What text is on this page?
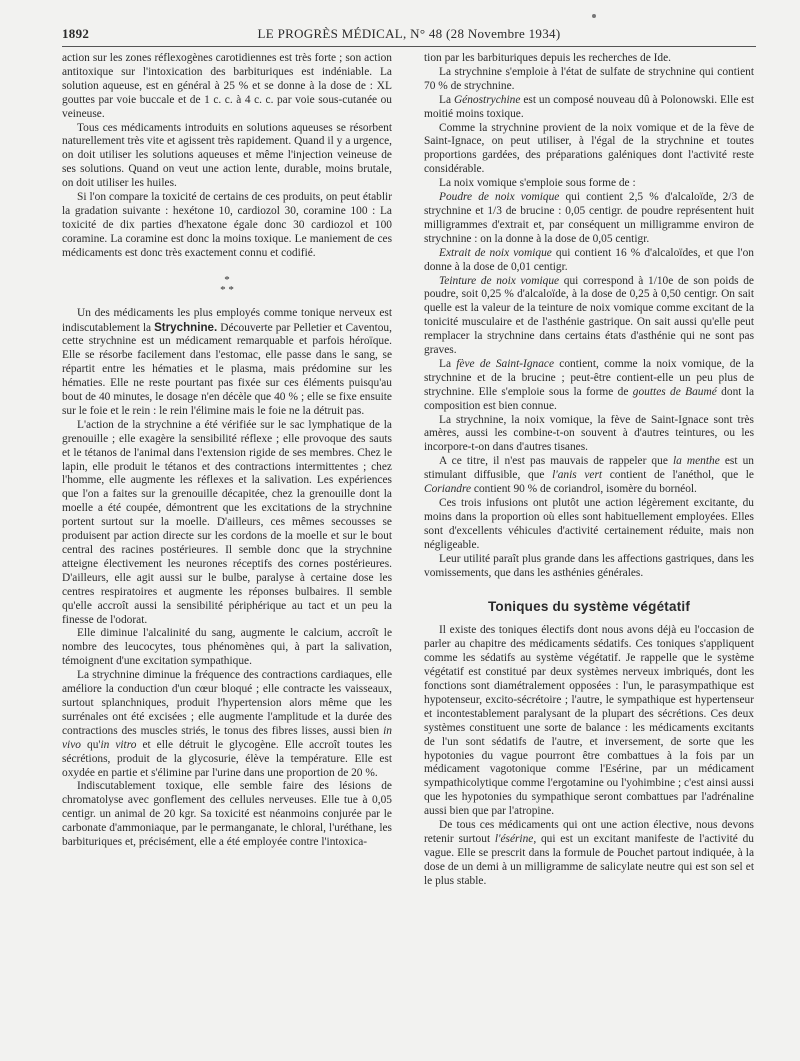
1892	LE PROGRÈS MÉDICAL, N° 48 (28 Novembre 1934)

action sur les zones réflexogènes carotidiennes est très forte ; son action antitoxique sur l'intoxication des barbituriques est indéniable. La solution aqueuse, est en général à 25 % et se donne à la dose de : XL gouttes par voie buccale et de 1 c. c. à 4 c. c. par voie sous-cutanée ou veineuse.

Tous ces médicaments introduits en solutions aqueuses se résorbent naturellement très vite et agissent très rapidement. Quand il y a urgence, on doit utiliser les solutions aqueuses et même l'injection veineuse de ses solutions. Quand on veut une action lente, durable, moins brutale, on doit utiliser les huiles.

Si l'on compare la toxicité de certains de ces produits, on peut établir la gradation suivante : hexétone 10, cardiozol 30, coramine 100 : La toxicité de dix parties d'hexatone égale donc 30 cardiozol et 100 coramine. La coramine est donc la moins toxique. Le maniement de ces médicaments est donc très exactement connu et codifié.

*
* *

Un des médicaments les plus employés comme tonique nerveux est indiscutablement la Strychnine. Découverte par Pelletier et Caventou, cette strychnine est un médicament remarquable et parfois héroïque. Elle se résorbe facilement dans l'estomac, elle passe dans le sang, se répartit entre les hématies et le plasma, mais prédomine sur les hématies. Elle ne reste pourtant pas fixée sur ces éléments puisqu'au bout de 40 minutes, le dosage n'en décèle que 40 % ; elle se fixe ensuite sur le foie et le rein : le rein l'élimine mais le foie ne la détruit pas.

L'action de la strychnine a été vérifiée sur le sac lymphatique de la grenouille ; elle exagère la sensibilité réflexe ; elle provoque des sauts et le tétanos de l'animal dans l'extension rigide de ses membres. Chez le lapin, elle produit le tétanos et des contractions intermittentes ; chez l'homme, elle augmente les réflexes et la salivation. Les expériences que l'on a faites sur la grenouille décapitée, chez la grenouille dont la moelle a été coupée, démontrent que les excitations de la strychnine portent surtout sur la moelle. D'ailleurs, ces mêmes secousses se produisent par action directe sur les cordons de la moelle et sur le bout central des racines postérieures. Il semble donc que la strychnine atteigne électivement les neurones réceptifs des cornes postérieures. D'ailleurs, elle agit aussi sur le bulbe, paralyse à certaine dose les centres respiratoires et augmente les réponses bulbaires. Il semble qu'elle accroît aussi la sensibilité périphérique au tact et un peu la finesse de l'odorat.

Elle diminue l'alcalinité du sang, augmente le calcium, accroît le nombre des leucocytes, tous phénomènes qui, à part la salivation, témoignent d'une excitation sympathique.

La strychnine diminue la fréquence des contractions cardiaques, elle améliore la conduction d'un cœur bloqué ; elle contracte les vaisseaux, surtout splanchniques, produit l'hypertension alors même que les surrénales ont été excisées ; elle augmente l'amplitude et la durée des contractions des muscles striés, le tonus des fibres lisses, aussi bien in vivo qu'in vitro et elle détruit le glycogène. Elle accroît toutes les sécrétions, produit de la glycosurie, élève la température. Elle est oxydée en partie et s'élimine par l'urine dans une proportion de 20 %.

Indiscutablement toxique, elle semble faire des lésions de chromatolyse avec gonflement des cellules nerveuses. Elle tue à 0,05 centigr. un animal de 20 kgr. Sa toxicité est néanmoins conjurée par le carbonate d'ammoniaque, par le permanganate, le chloral, l'uréthane, les barbituriques et, précisément, elle a été employée contre l'intoxica-

tion par les barbituriques depuis les recherches de Ide.

La strychnine s'emploie à l'état de sulfate de strychnine qui contient 70 % de strychnine.

La Génostrychine est un composé nouveau dû à Polonowski. Elle est moitié moins toxique.

Comme la strychnine provient de la noix vomique et de la fève de Saint-Ignace, on peut utiliser, à l'égal de la strychnine et toutes proportions gardées, des préparations galéniques dont l'activité reste considérable.

La noix vomique s'emploie sous forme de :

Poudre de noix vomique qui contient 2,5 % d'alcaloïde, 2/3 de strychnine et 1/3 de brucine : 0,05 centigr. de poudre représentent huit milligrammes d'extrait et, par conséquent un milligramme environ de strychnine : on la donne à la dose de 0,05 centigr.

Extrait de noix vomique qui contient 16 % d'alcaloïdes, et que l'on donne à la dose de 0,01 centigr.

Teinture de noix vomique qui correspond à 1/10e de son poids de poudre, soit 0,25 % d'alcaloïde, à la dose de 0,25 à 0,50 centigr. On sait quelle est la valeur de la teinture de noix vomique comme excitant de la tonicité musculaire et de l'asthénie gastrique. On sait aussi qu'elle peut remplacer la strychnine dans certains états d'asthénie qui ne sont pas graves.

La fève de Saint-Ignace contient, comme la noix vomique, de la strychnine et de la brucine ; peut-être contient-elle un peu plus de strychnine. Elle s'emploie sous la forme de gouttes de Baumé dont la composition est bien connue.

La strychnine, la noix vomique, la fève de Saint-Ignace sont très amères, aussi les combine-t-on souvent à d'autres teintures, ou les incorpore-t-on dans d'autres tisanes.

A ce titre, il n'est pas mauvais de rappeler que la menthe est un stimulant diffusible, que l'anis vert contient de l'anéthol, que le Coriandre contient 90 % de coriandrol, isomère du bornéol.

Ces trois infusions ont plutôt une action légèrement excitante, du moins dans la proportion où elles sont habituellement employées. Elles sont d'excellents véhicules d'activité certainement réduite, mais non négligeable.

Leur utilité paraît plus grande dans les affections gastriques, dans les vomissements, que dans les asthénies générales.

Toniques du système végétatif

Il existe des toniques électifs dont nous avons déjà eu l'occasion de parler au chapitre des médicaments sédatifs. Ces toniques s'appliquent comme les sédatifs au système végétatif. Je rappelle que le système végétatif est constitué par deux systèmes nerveux imbriqués, dont les fonctions sont diamétralement opposées : l'un, le parasympathique est hypotenseur, excito-sécrétoire ; l'autre, le sympathique est hypertenseur et incontestablement paralysant de la plupart des sécrétions. Ces deux systèmes constituent une sorte de balance : les médicaments excitants de l'un sont sédatifs de l'autre, et inversement, de sorte que les hypotonies du vague pourront être combattues à la fois par un médicament vagotonique comme l'Esérine, par un médicament sympathicolytique comme l'ergotamine ou l'yohimbine ; c'est ainsi aussi que les hypotonies du sympathique seront combattues par l'adrénaline aussi bien que par l'atropine.

De tous ces médicaments qui ont une action élective, nous devons retenir surtout l'ésérine, qui est un excitant manifeste de l'activité du vague. Elle se prescrit dans la formule de Pouchet partout indiquée, à la dose de un demi à un milligramme de salicylate neutre qui est son sel et le plus stable.
